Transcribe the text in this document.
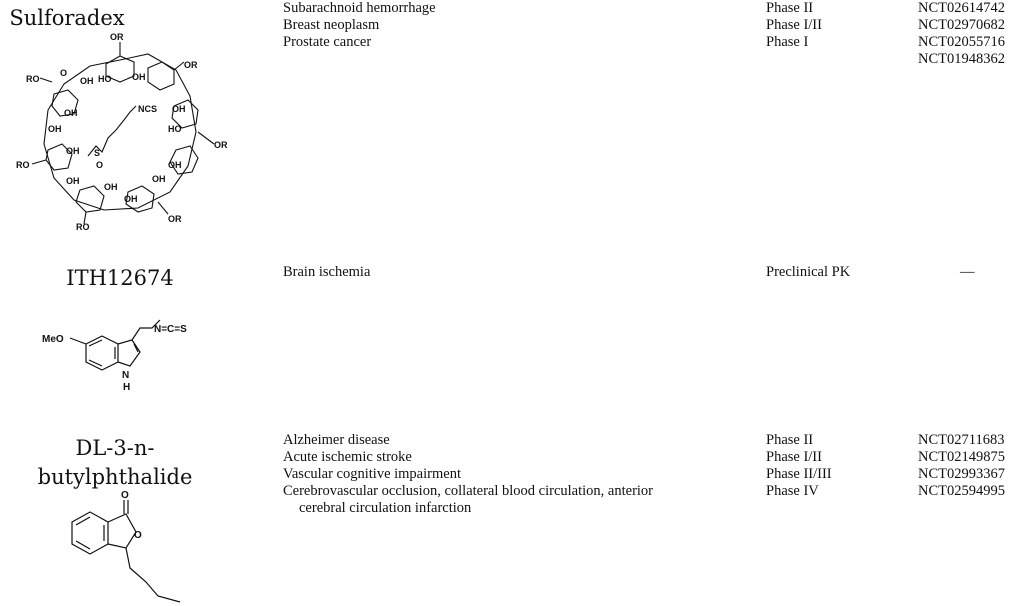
Sulforadex
OR
OR
OR
OR
RO
RO
RO
NCS
S
O
OH HO OH
OH
HO
OH
OH
OH
OH
OH
OH
OH
OH
O
Subarachnoid hemorrhage
Breast neoplasm
Prostate cancer
Phase II
Phase I/II
Phase I
NCT02614742
NCT02970682
NCT02055716
NCT01948362
ITH12674
MeO
N
H
N=C=S
Brain ischemia	Preclinical PK	—
DL-3-n-
butylphthalide
O
O
Alzheimer disease
Acute ischemic stroke
Vascular cognitive impairment
Cerebrovascular occlusion, collateral blood circulation, anterior
cerebral circulation infarction
Phase II
Phase I/II
Phase II/III
Phase IV
NCT02711683
NCT02149875
NCT02993367
NCT02594995
